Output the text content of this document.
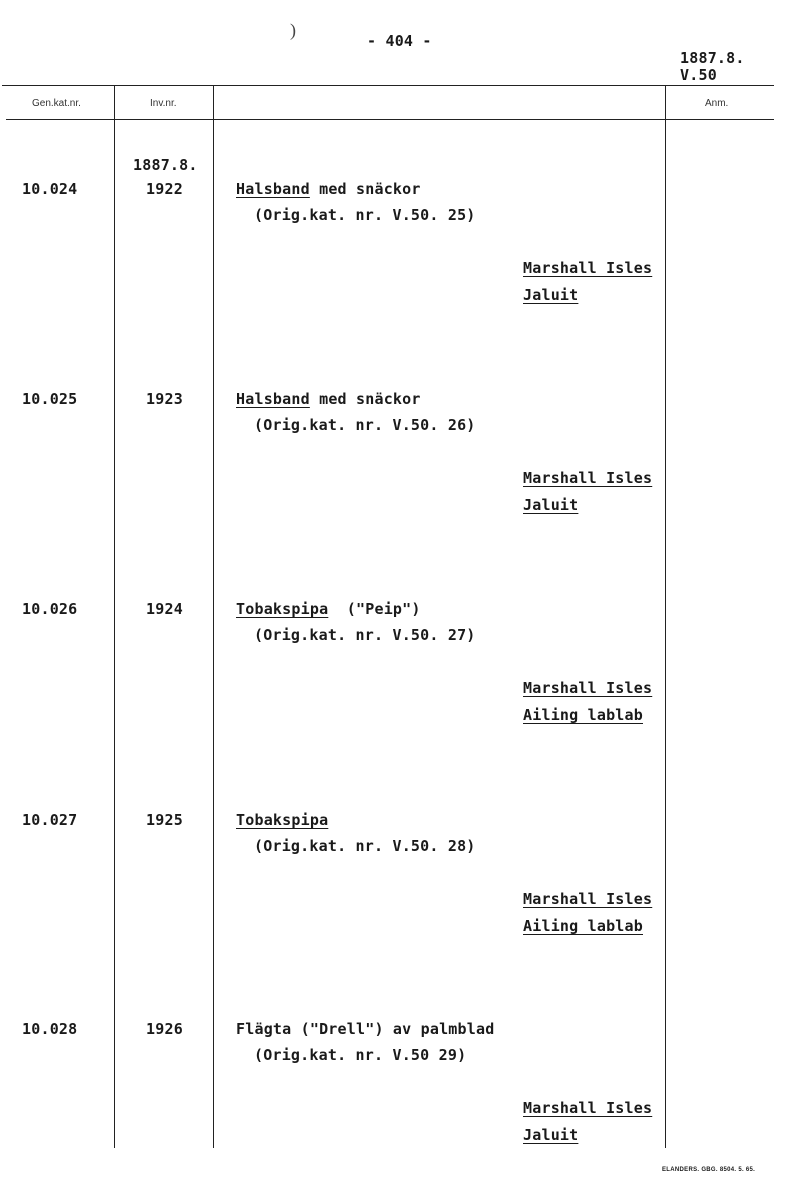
)
- 404 -
1887.8.
V.50
Gen.kat.nr.	Inv.nr.	Anm.
1887.8.
10.024	1922	Halsband med snäckor
(Orig.kat. nr. V.50. 25)
Marshall Isles
Jaluit
10.025	1923	Halsband med snäckor
(Orig.kat. nr. V.50. 26)
Marshall Isles
Jaluit
10.026	1924	Tobakspipa  ("Peip")
(Orig.kat. nr. V.50. 27)
Marshall Isles
Ailing lablab
10.027	1925	Tobakspipa
(Orig.kat. nr. V.50. 28)
Marshall Isles
Ailing lablab
10.028	1926	Flägta ("Drell") av palmblad
(Orig.kat. nr. V.50 29)
Marshall Isles
Jaluit
ELANDERS. GBG. 8504. 5. 65.
